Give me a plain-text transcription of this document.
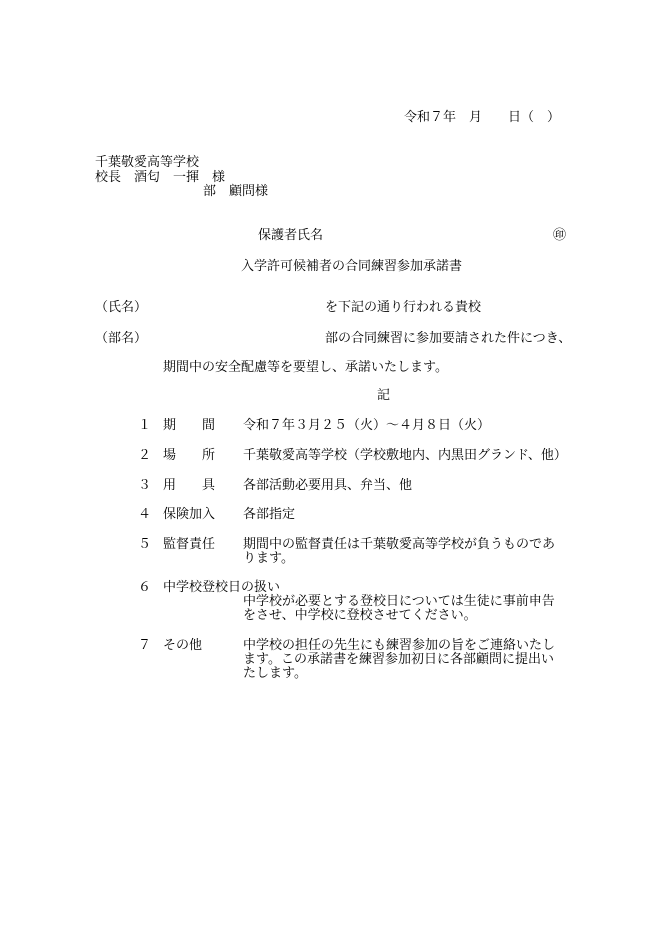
令和７年　月　　日（　）
千葉敬愛高等学校
校長　酒匂　一揮　様
部　顧問様
保護者氏名	㊞
入学許可候補者の合同練習参加承諾書
（氏名）	を下記の通り行われる貴校
（部名）	部の合同練習に参加要請された件につき、
期間中の安全配慮等を要望し、承諾いたします。
記
１ 期　　間 令和７年３月２５（火）～４月８日（火）
２ 場　　所 千葉敬愛高等学校（学校敷地内、内黒田グランド、他）
３ 用　　具 各部活動必要用具、弁当、他
４ 保険加入 各部指定
５ 監督責任 期間中の監督責任は千葉敬愛高等学校が負うものであ
ります。
６ 中学校登校日の扱い
中学校が必要とする登校日については生徒に事前申告
をさせ、中学校に登校させてください。
７ その他	中学校の担任の先生にも練習参加の旨をご連絡いたし
ます。この承諾書を練習参加初日に各部顧問に提出い
たします。
